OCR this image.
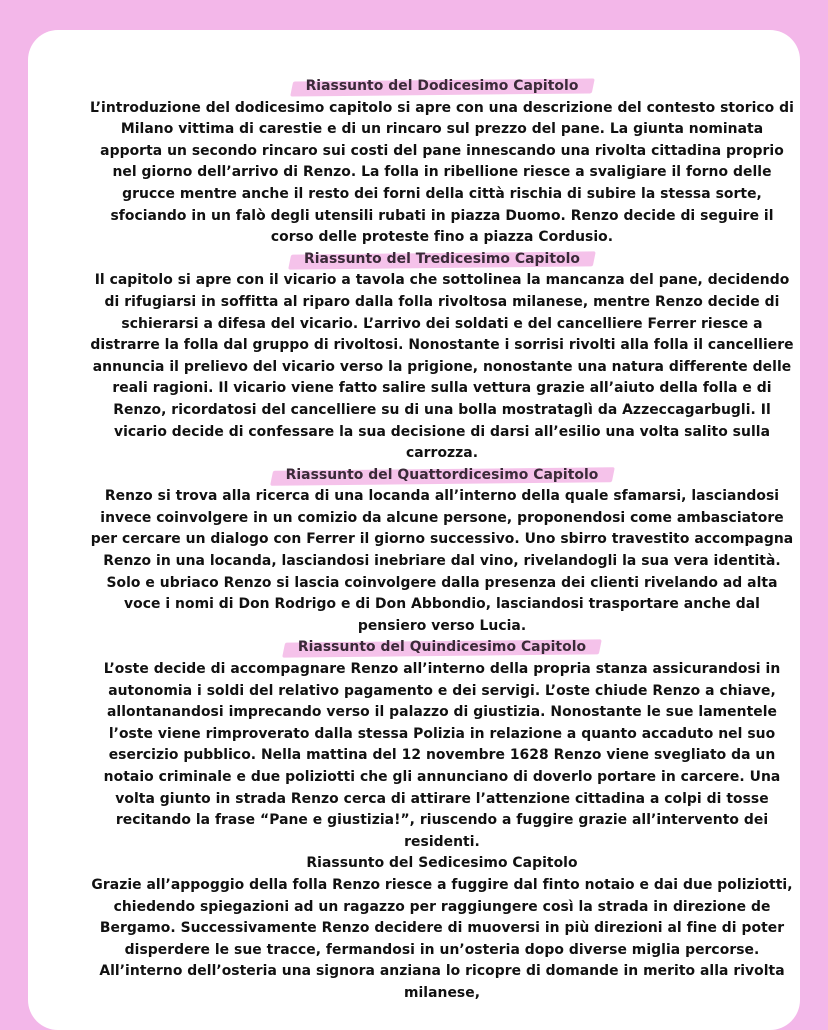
Riassunto del Dodicesimo Capitolo
L’introduzione del dodicesimo capitolo si apre con una descrizione del contesto storico di Milano vittima di carestie e di un rincaro sul prezzo del pane. La giunta nominata apporta un secondo rincaro sui costi del pane innescando una rivolta cittadina proprio nel giorno dell’arrivo di Renzo. La folla in ribellione riesce a svaligiare il forno delle grucce mentre anche il resto dei forni della città rischia di subire la stessa sorte, sfociando in un falò degli utensili rubati in piazza Duomo. Renzo decide di seguire il corso delle proteste fino a piazza Cordusio.
Riassunto del Tredicesimo Capitolo
Il capitolo si apre con il vicario a tavola che sottolinea la mancanza del pane, decidendo di rifugiarsi in soffitta al riparo dalla folla rivoltosa milanese, mentre Renzo decide di schierarsi a difesa del vicario. L’arrivo dei soldati e del cancelliere Ferrer riesce a distrarre la folla dal gruppo di rivoltosi. Nonostante i sorrisi rivolti alla folla il cancelliere annuncia il prelievo del vicario verso la prigione, nonostante una natura differente delle reali ragioni. Il vicario viene fatto salire sulla vettura grazie all’aiuto della folla e di Renzo, ricordatosi del cancelliere su di una bolla mostrataglì da Azzeccagarbugli. Il vicario decide di confessare la sua decisione di darsi all’esilio una volta salito sulla carrozza.
Riassunto del Quattordicesimo Capitolo
Renzo si trova alla ricerca di una locanda all’interno della quale sfamarsi, lasciandosi invece coinvolgere in un comizio da alcune persone, proponendosi come ambasciatore per cercare un dialogo con Ferrer il giorno successivo. Uno sbirro travestito accompagna Renzo in una locanda, lasciandosi inebriare dal vino, rivelandogli la sua vera identità. Solo e ubriaco Renzo si lascia coinvolgere dalla presenza dei clienti rivelando ad alta voce i nomi di Don Rodrigo e di Don Abbondio, lasciandosi trasportare anche dal pensiero verso Lucia.
Riassunto del Quindicesimo Capitolo
L’oste decide di accompagnare Renzo all’interno della propria stanza assicurandosi in autonomia i soldi del relativo pagamento e dei servigi. L’oste chiude Renzo a chiave, allontanandosi imprecando verso il palazzo di giustizia. Nonostante le sue lamentele l’oste viene rimproverato dalla stessa Polizia in relazione a quanto accaduto nel suo esercizio pubblico. Nella mattina del 12 novembre 1628 Renzo viene svegliato da un notaio criminale e due poliziotti che gli annunciano di doverlo portare in carcere. Una volta giunto in strada Renzo cerca di attirare l’attenzione cittadina a colpi di tosse recitando la frase “Pane e giustizia!”, riuscendo a fuggire grazie all’intervento dei residenti.
Riassunto del Sedicesimo Capitolo
Grazie all’appoggio della folla Renzo riesce a fuggire dal finto notaio e dai due poliziotti, chiedendo spiegazioni ad un ragazzo per raggiungere così la strada in direzione de Bergamo. Successivamente Renzo decidere di muoversi in più direzioni al fine di poter disperdere le sue tracce, fermandosi in un’osteria dopo diverse miglia percorse. All’interno dell’osteria una signora anziana lo ricopre di domande in merito alla rivolta milanese,
